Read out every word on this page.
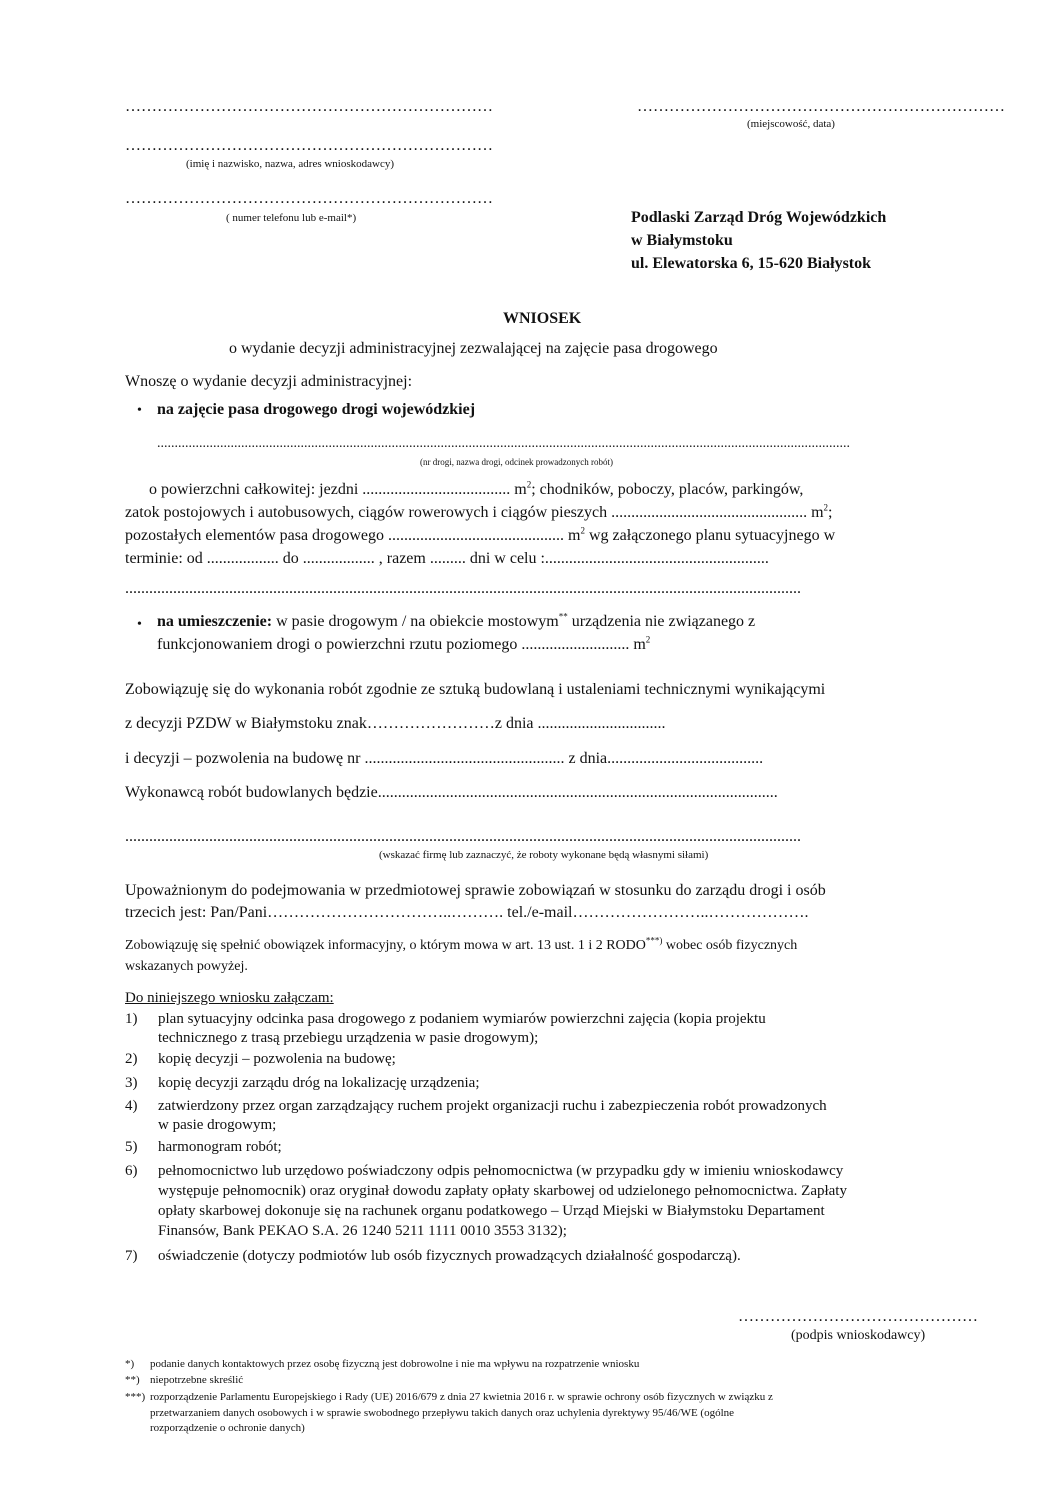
……………………………………………………………	……………………………………………………………
(miejscowość, data)
……………………………………………………………
(imię i nazwisko, nazwa, adres wnioskodawcy)
……………………………………………………………
( numer telefonu lub e-mail*)	Podlaski Zarząd Dróg Wojewódzkich
w Białymstoku
ul. Elewatorska 6, 15-620 Białystok
WNIOSEK
o wydanie decyzji administracyjnej zezwalającej na zajęcie pasa drogowego
Wnoszę o wydanie decyzji administracyjnej:
• na zajęcie pasa drogowego drogi wojewódzkiej
......................................................................................................................................................................................................
(nr drogi, nazwa drogi, odcinek prowadzonych robót)
o powierzchni całkowitej: jezdni ..................................... $m^2$; chodników, poboczy, placów, parkingów,
zatok postojowych i autobusowych, ciągów rowerowych i ciągów pieszych ................................................. $m^2$;
pozostałych elementów pasa drogowego ............................................ $m^2$ wg załączonego planu sytuacyjnego w
terminie: od .................. do .................. , razem ......... dni w celu :........................................................
.........................................................................................................................................................................
• na umieszczenie: w pasie drogowym / na obiekcie mostowym** urządzenia nie związanego z
funkcjonowaniem drogi o powierzchni rzutu poziomego ........................... $m^2$
Zobowiązuję się do wykonania robót zgodnie ze sztuką budowlaną i ustaleniami technicznymi wynikającymi
z decyzji PZDW w Białymstoku znak……………………z dnia ................................
i decyzji – pozwolenia na budowę nr .................................................. z dnia.......................................
Wykonawcą robót budowlanych będzie....................................................................................................
.........................................................................................................................................................................
(wskazać firmę lub zaznaczyć, że roboty wykonane będą własnymi siłami)
Upoważnionym do podejmowania w przedmiotowej sprawie zobowiązań w stosunku do zarządu drogi i osób
trzecich jest: Pan/Pani……………………………..………. tel./e-mail……………………..……………….
Zobowiązuję się spełnić obowiązek informacyjny, o którym mowa w art. 13 ust. 1 i 2 RODO***) wobec osób fizycznych
wskazanych powyżej.
Do niniejszego wniosku załączam:
1) plan sytuacyjny odcinka pasa drogowego z podaniem wymiarów powierzchni zajęcia (kopia projektu
technicznego z trasą przebiegu urządzenia w pasie drogowym);
2) kopię decyzji – pozwolenia na budowę;
3) kopię decyzji zarządu dróg na lokalizację urządzenia;
4) zatwierdzony przez organ zarządzający ruchem projekt organizacji ruchu i zabezpieczenia robót prowadzonych
w pasie drogowym;
5) harmonogram robót;
6) pełnomocnictwo lub urzędowo poświadczony odpis pełnomocnictwa (w przypadku gdy w imieniu wnioskodawcy
występuje pełnomocnik) oraz oryginał dowodu zapłaty opłaty skarbowej od udzielonego pełnomocnictwa. Zapłaty
opłaty skarbowej dokonuje się na rachunek organu podatkowego – Urząd Miejski w Białymstoku Departament
Finansów, Bank PEKAO S.A. 26 1240 5211 1111 0010 3553 3132);
7) oświadczenie (dotyczy podmiotów lub osób fizycznych prowadzących działalność gospodarczą).
………………………………………
(podpis wnioskodawcy)
*) podanie danych kontaktowych przez osobę fizyczną jest dobrowolne i nie ma wpływu na rozpatrzenie wniosku
**) niepotrzebne skreślić
***) rozporządzenie Parlamentu Europejskiego i Rady (UE) 2016/679 z dnia 27 kwietnia 2016 r. w sprawie ochrony osób fizycznych w związku z
przetwarzaniem danych osobowych i w sprawie swobodnego przepływu takich danych oraz uchylenia dyrektywy 95/46/WE (ogólne
rozporządzenie o ochronie danych)
